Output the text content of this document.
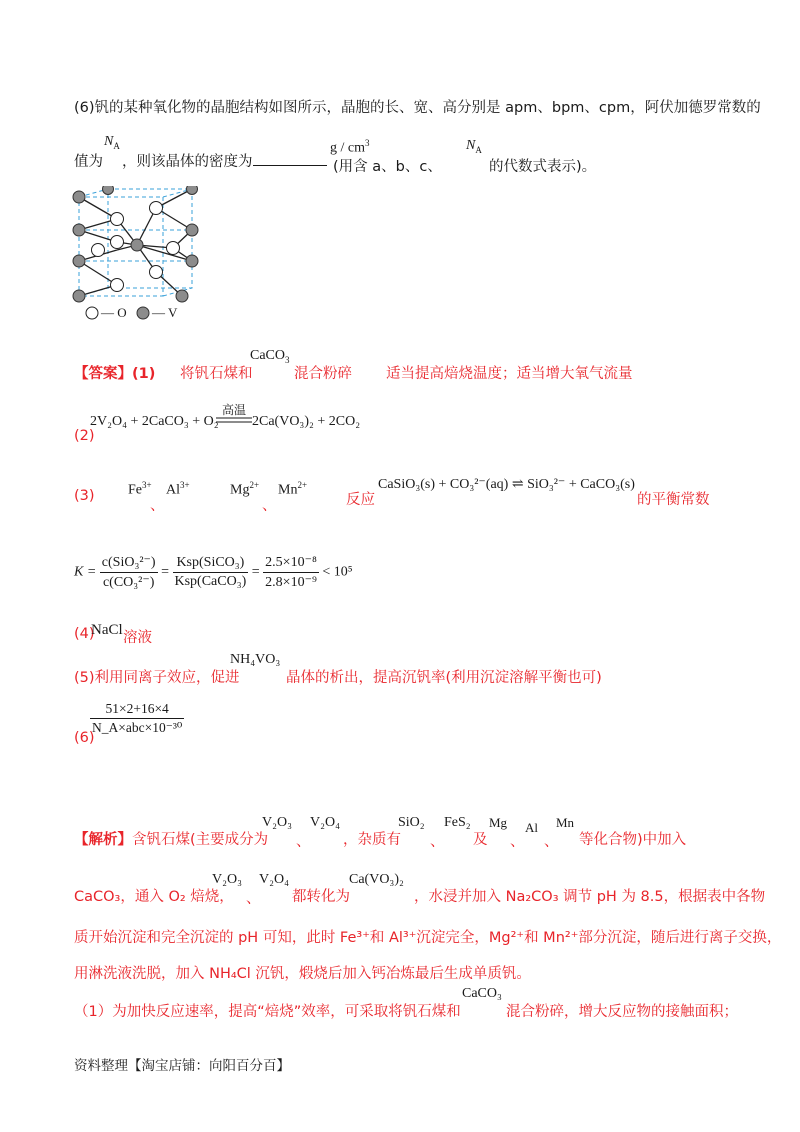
(6)钒的某种氧化物的晶胞结构如图所示，晶胞的长、宽、高分别是 apm、bpm、cpm，阿伏加德罗常数的
值为
$N_A$
，则该晶体的密度为
g / $cm^3$
(用含 a、b、c、
$N_A$
的代数式表示)。
— O — V
【答案】(1) 将钒石煤和
CaCO$_3$
混合粉碎 适当提高焙烧温度；适当增大氧气流量
(2)
2V₂O₄ + 2CaCO₃ + O₂
高温
2Ca(VO₃)₂ + 2CO₂
(3) $Fe^{3+}$
、
$Al^{3+}$	$Mg^{2+}$
、
$Mn^{2+}$
反应
CaSiO₃(s) + CO₃²⁻(aq) ⇌ SiO₃²⁻ + CaCO₃(s)
的平衡常数
$K = \frac{\text{c(SiO₃²⁻)}}{\text{c(CO₃²⁻)}} = \frac{\text{Ksp(SiCO₃)}}{\text{Ksp(CaCO₃)}} = \frac{\text{2.5×10⁻⁸}}{\text{2.8×10⁻⁹}} < 10^5$
(4)
NaCl 溶液
(5)利用同离子效应，促进
NH₄VO₃
晶体的析出，提高沉钒率(利用沉淀溶解平衡也可)
(6)
$\frac{51\times 2+16\times 4}{\text{N\_A×abc×10⁻³⁰}}$
【解析】含钒石煤(主要成分为
V₂O₃
、
V₂O₄
，杂质有
SiO₂
、
FeS₂
及
Mg
、
Al
、
Mn
等化合物)中加入
CaCO₃，通入 O₂ 焙烧，
V₂O₃
、
V₂O₄
都转化为
Ca(VO₃)₂
，水浸并加入 Na₂CO₃ 调节 pH 为 8.5，根据表中各物
质开始沉淀和完全沉淀的 pH 可知，此时 Fe³⁺和 Al³⁺沉淀完全，Mg²⁺和 Mn²⁺部分沉淀，随后进行离子交换，
用淋洗液洗脱，加入 NH₄Cl 沉钒，煅烧后加入钙冶炼最后生成单质钒。
（1）为加快反应速率，提高“焙烧”效率，可采取将钒石煤和
CaCO₃
混合粉碎，增大反应物的接触面积；
资料整理【淘宝店铺：向阳百分百】
